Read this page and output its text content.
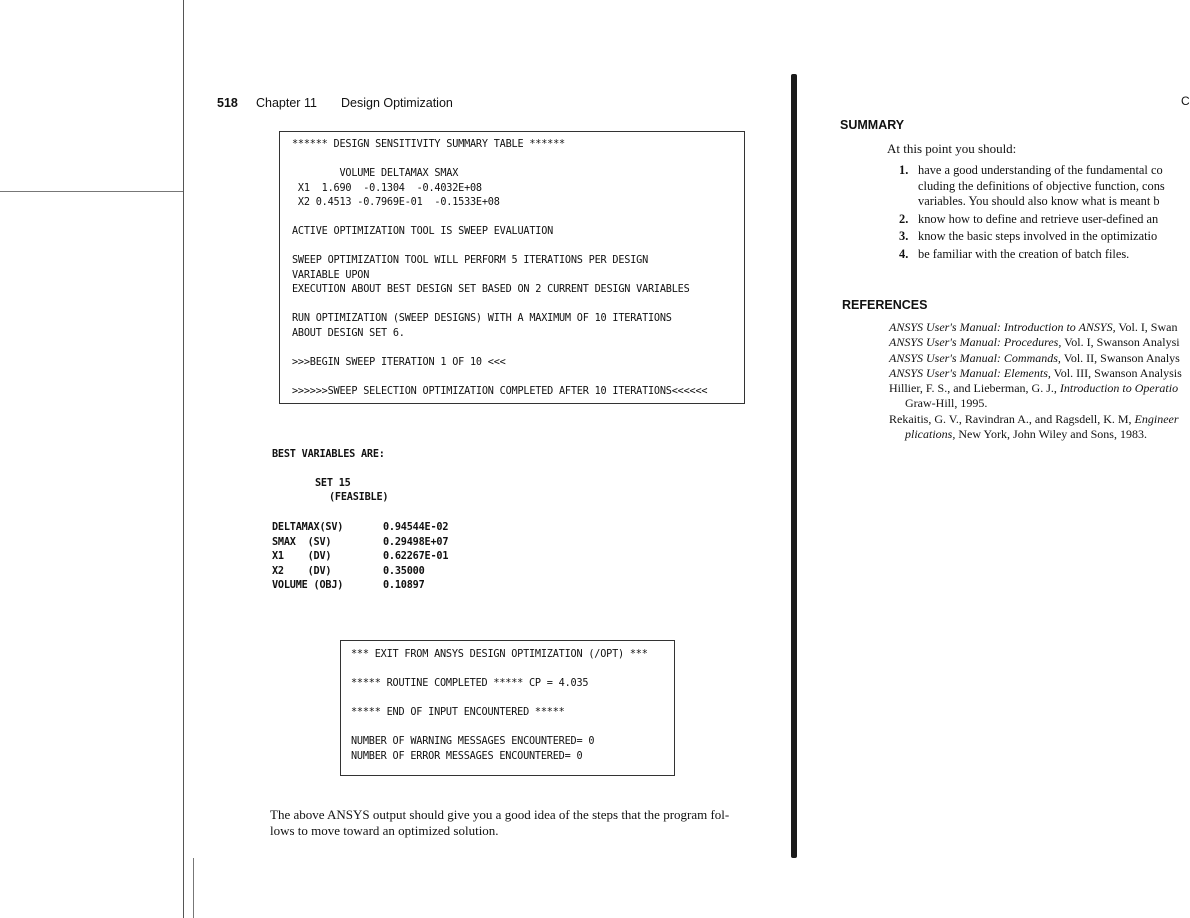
518 Chapter 11 Design Optimization
****** DESIGN SENSITIVITY SUMMARY TABLE ******

VOLUME DELTAMAX SMAX
X1  1.690  -0.1304  -0.4032E+08
X2 0.4513 -0.7969E-01  -0.1533E+08

ACTIVE OPTIMIZATION TOOL IS SWEEP EVALUATION

SWEEP OPTIMIZATION TOOL WILL PERFORM 5 ITERATIONS PER DESIGN
VARIABLE UPON
EXECUTION ABOUT BEST DESIGN SET BASED ON 2 CURRENT DESIGN VARIABLES

RUN OPTIMIZATION (SWEEP DESIGNS) WITH A MAXIMUM OF 10 ITERATIONS
ABOUT DESIGN SET 6.

>>>BEGIN SWEEP ITERATION 1 OF 10 <<<

>>>>>>SWEEP SELECTION OPTIMIZATION COMPLETED AFTER 10 ITERATIONS<<<<<<
BEST VARIABLES ARE:
SET 15
(FEASIBLE)
DELTAMAX(SV)	0.94544E-02
SMAX  (SV)	0.29498E+07
X1    (DV)	0.62267E-01
X2    (DV)	0.35000
VOLUME (OBJ)	0.10897
*** EXIT FROM ANSYS DESIGN OPTIMIZATION (/OPT) ***

***** ROUTINE COMPLETED ***** CP = 4.035

***** END OF INPUT ENCOUNTERED *****

NUMBER OF WARNING MESSAGES ENCOUNTERED= 0
NUMBER OF ERROR MESSAGES ENCOUNTERED= 0
The above ANSYS output should give you a good idea of the steps that the program fol-
lows to move toward an optimized solution.
C
SUMMARY
At this point you should:
1. have a good understanding of the fundamental co
cluding the definitions of objective function, cons
variables. You should also know what is meant b
2. know how to define and retrieve user-defined an
3. know the basic steps involved in the optimizatio
4. be familiar with the creation of batch files.
REFERENCES
ANSYS User's Manual: Introduction to ANSYS, Vol. I, Swan
ANSYS User's Manual: Procedures, Vol. I, Swanson Analysi
ANSYS User's Manual: Commands, Vol. II, Swanson Analys
ANSYS User's Manual: Elements, Vol. III, Swanson Analysis
Hillier, F. S., and Lieberman, G. J., Introduction to Operatio
Graw-Hill, 1995.
Rekaitis, G. V., Ravindran A., and Ragsdell, K. M, Engineer
plications, New York, John Wiley and Sons, 1983.
